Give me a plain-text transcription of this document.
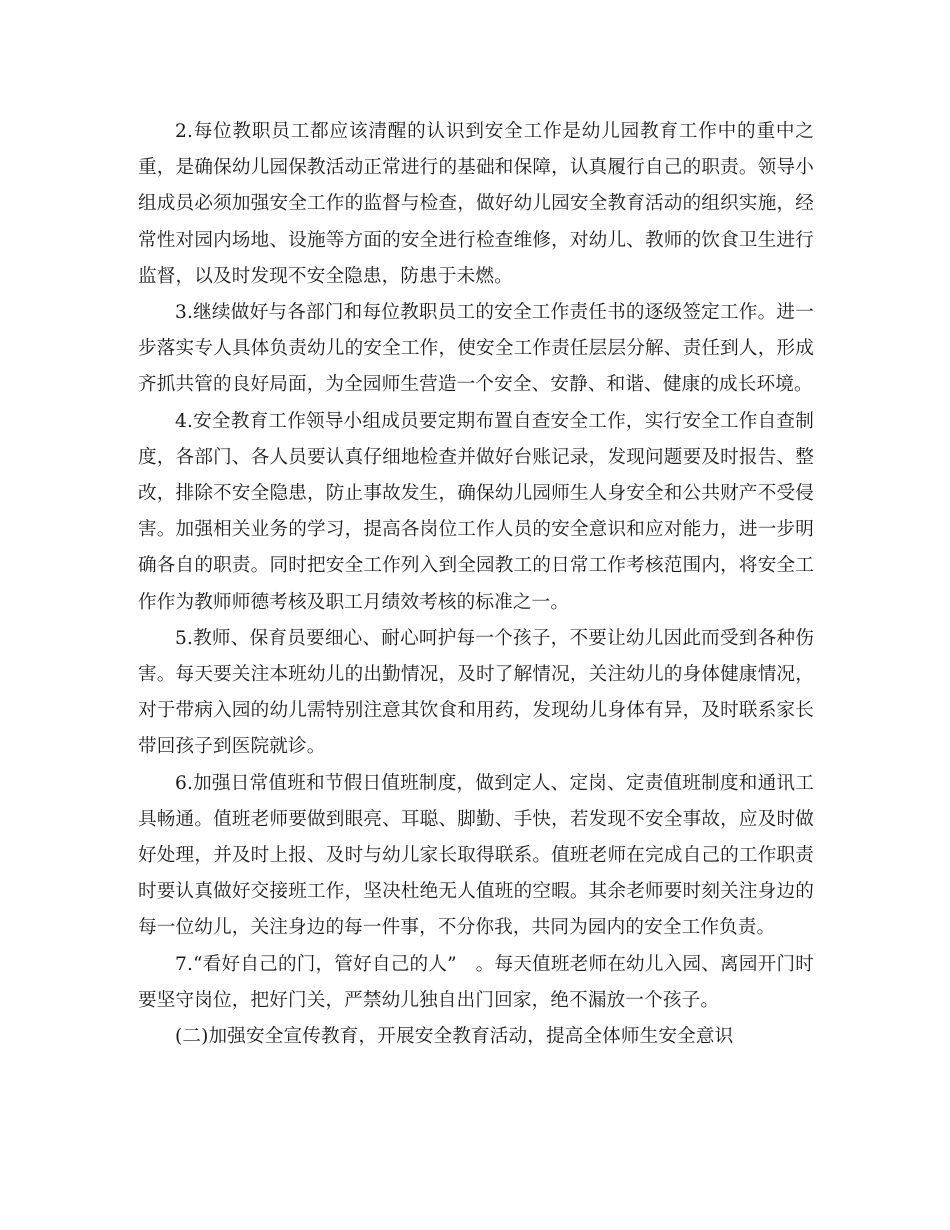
2.每位教职员工都应该清醒的认识到安全工作是幼儿园教育工作中的重中之重，是确保幼儿园保教活动正常进行的基础和保障，认真履行自己的职责。领导小组成员必须加强安全工作的监督与检查，做好幼儿园安全教育活动的组织实施，经常性对园内场地、设施等方面的安全进行检查维修，对幼儿、教师的饮食卫生进行监督，以及时发现不安全隐患，防患于未燃。

3.继续做好与各部门和每位教职员工的安全工作责任书的逐级签定工作。进一步落实专人具体负责幼儿的安全工作，使安全工作责任层层分解、责任到人，形成齐抓共管的良好局面，为全园师生营造一个安全、安静、和谐、健康的成长环境。

4.安全教育工作领导小组成员要定期布置自查安全工作，实行安全工作自查制度，各部门、各人员要认真仔细地检查并做好台账记录，发现问题要及时报告、整改，排除不安全隐患，防止事故发生，确保幼儿园师生人身安全和公共财产不受侵害。加强相关业务的学习，提高各岗位工作人员的安全意识和应对能力，进一步明确各自的职责。同时把安全工作列入到全园教工的日常工作考核范围内，将安全工作作为教师师德考核及职工月绩效考核的标准之一。

5.教师、保育员要细心、耐心呵护每一个孩子，不要让幼儿因此而受到各种伤害。每天要关注本班幼儿的出勤情况，及时了解情况，关注幼儿的身体健康情况，对于带病入园的幼儿需特别注意其饮食和用药，发现幼儿身体有异，及时联系家长带回孩子到医院就诊。

6.加强日常值班和节假日值班制度，做到定人、定岗、定责值班制度和通讯工具畅通。值班老师要做到眼亮、耳聪、脚勤、手快，若发现不安全事故，应及时做好处理，并及时上报、及时与幼儿家长取得联系。值班老师在完成自己的工作职责时要认真做好交接班工作，坚决杜绝无人值班的空暇。其余老师要时刻关注身边的每一位幼儿，关注身边的每一件事，不分你我，共同为园内的安全工作负责。

7.“看好自己的门，管好自己的人”　。每天值班老师在幼儿入园、离园开门时要坚守岗位，把好门关，严禁幼儿独自出门回家，绝不漏放一个孩子。

(二)加强安全宣传教育，开展安全教育活动，提高全体师生安全意识
